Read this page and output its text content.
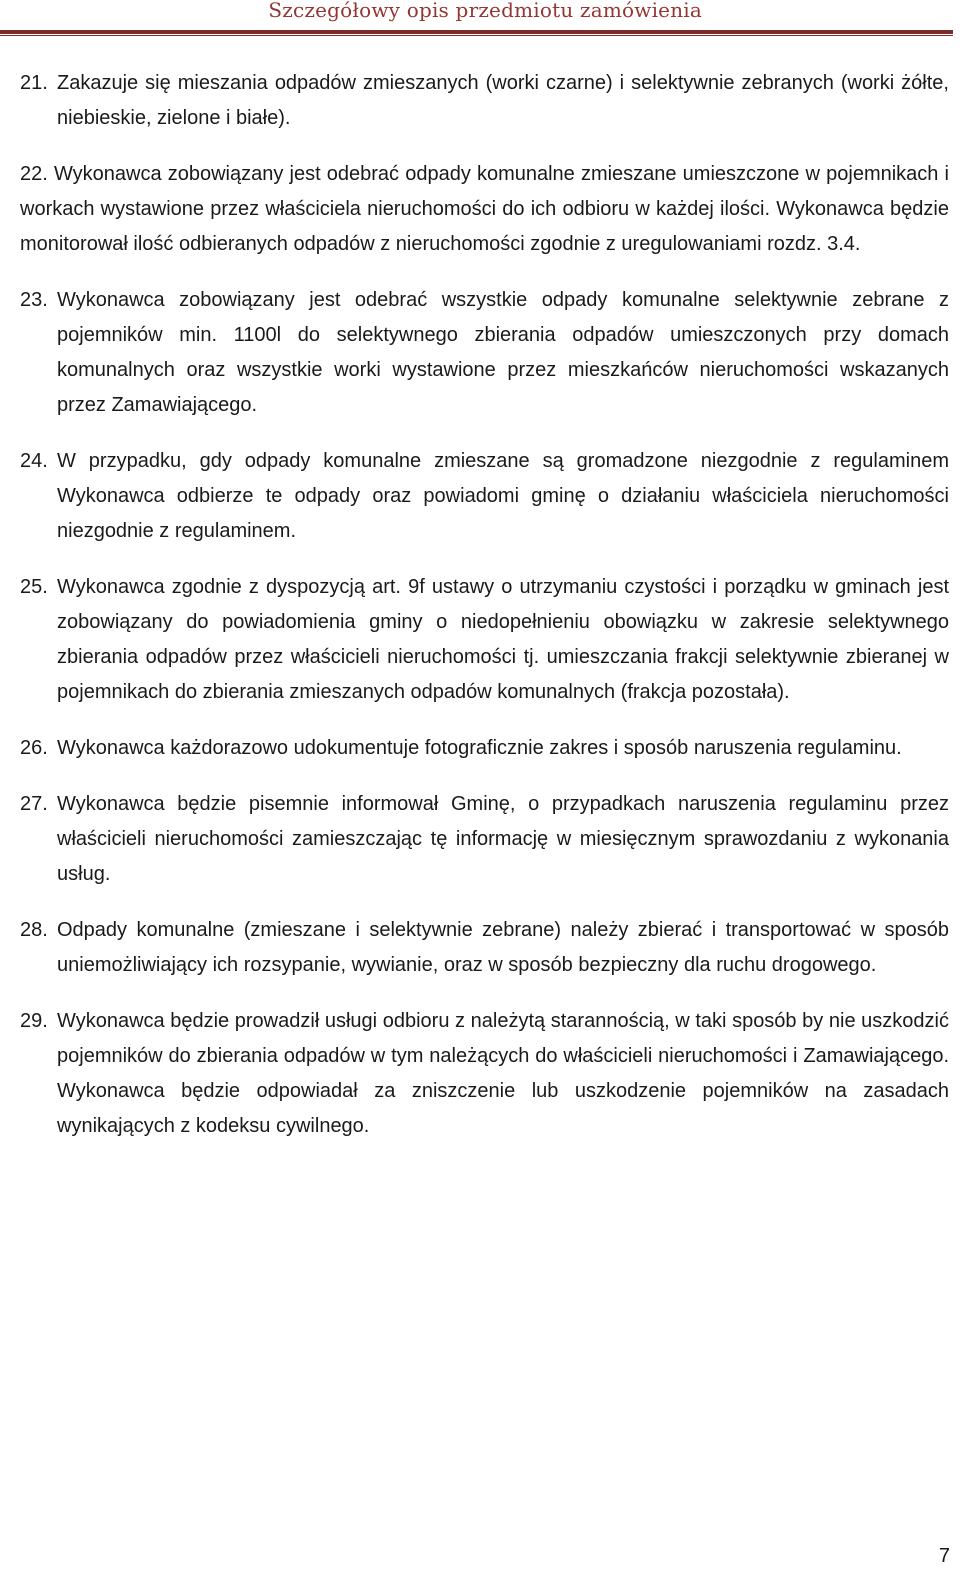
Szczegółowy opis przedmiotu zamówienia
21. Zakazuje się mieszania odpadów zmieszanych (worki czarne) i selektywnie zebranych (worki żółte, niebieskie, zielone i białe).
22. Wykonawca zobowiązany jest odebrać odpady komunalne zmieszane umieszczone w pojemnikach i workach wystawione przez właściciela nieruchomości do ich odbioru w każdej ilości. Wykonawca będzie monitorował ilość odbieranych odpadów z nieruchomości zgodnie z uregulowaniami rozdz. 3.4.
23. Wykonawca zobowiązany jest odebrać wszystkie odpady komunalne selektywnie zebrane z pojemników min. 1100l do selektywnego zbierania odpadów umieszczonych przy domach komunalnych oraz wszystkie worki wystawione przez mieszkańców nieruchomości wskazanych przez Zamawiającego.
24. W przypadku, gdy odpady komunalne zmieszane są gromadzone niezgodnie z regulaminem Wykonawca odbierze te odpady oraz powiadomi gminę o działaniu właściciela nieruchomości niezgodnie z regulaminem.
25. Wykonawca zgodnie z dyspozycją art. 9f ustawy o utrzymaniu czystości i porządku w gminach jest zobowiązany do powiadomienia gminy o niedopełnieniu obowiązku w zakresie selektywnego zbierania odpadów przez właścicieli nieruchomości tj. umieszczania frakcji selektywnie zbieranej w pojemnikach do zbierania zmieszanych odpadów komunalnych (frakcja pozostała).
26. Wykonawca każdorazowo udokumentuje fotograficznie zakres i sposób naruszenia regulaminu.
27. Wykonawca będzie pisemnie informował Gminę, o przypadkach naruszenia regulaminu przez właścicieli nieruchomości zamieszczając tę informację w miesięcznym sprawozdaniu z wykonania usług.
28. Odpady komunalne (zmieszane i selektywnie zebrane) należy zbierać i transportować w sposób uniemożliwiający ich rozsypanie, wywianie, oraz w sposób bezpieczny dla ruchu drogowego.
29. Wykonawca będzie prowadził usługi odbioru z należytą starannością, w taki sposób by nie uszkodzić pojemników do zbierania odpadów w tym należących do właścicieli nieruchomości i Zamawiającego. Wykonawca będzie odpowiadał za zniszczenie lub uszkodzenie pojemników na zasadach wynikających z kodeksu cywilnego.
7
